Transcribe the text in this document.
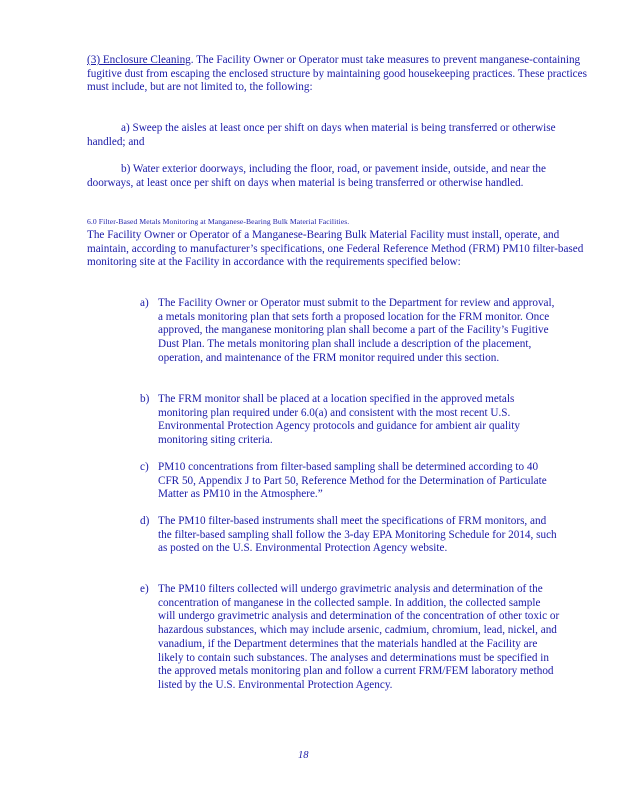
(3) Enclosure Cleaning. The Facility Owner or Operator must take measures to prevent manganese-containing fugitive dust from escaping the enclosed structure by maintaining good housekeeping practices. These practices must include, but are not limited to, the following:

a) Sweep the aisles at least once per shift on days when material is being transferred or otherwise handled; and

b) Water exterior doorways, including the floor, road, or pavement inside, outside, and near the doorways, at least once per shift on days when material is being transferred or otherwise handled.

6.0 Filter-Based Metals Monitoring at Manganese-Bearing Bulk Material Facilities.

The Facility Owner or Operator of a Manganese-Bearing Bulk Material Facility must install, operate, and maintain, according to manufacturer’s specifications, one Federal Reference Method (FRM) PM10 filter-based monitoring site at the Facility in accordance with the requirements specified below:

a) The Facility Owner or Operator must submit to the Department for review and approval, a metals monitoring plan that sets forth a proposed location for the FRM monitor. Once approved, the manganese monitoring plan shall become a part of the Facility’s Fugitive Dust Plan. The metals monitoring plan shall include a description of the placement, operation, and maintenance of the FRM monitor required under this section.
b) The FRM monitor shall be placed at a location specified in the approved metals monitoring plan required under 6.0(a) and consistent with the most recent U.S. Environmental Protection Agency protocols and guidance for ambient air quality monitoring siting criteria.
c) PM10 concentrations from filter-based sampling shall be determined according to 40 CFR 50, Appendix J to Part 50, Reference Method for the Determination of Particulate Matter as PM10 in the Atmosphere.”
d) The PM10 filter-based instruments shall meet the specifications of FRM monitors, and the filter-based sampling shall follow the 3-day EPA Monitoring Schedule for 2014, such as posted on the U.S. Environmental Protection Agency website.
e) The PM10 filters collected will undergo gravimetric analysis and determination of the concentration of manganese in the collected sample. In addition, the collected sample will undergo gravimetric analysis and determination of the concentration of other toxic or hazardous substances, which may include arsenic, cadmium, chromium, lead, nickel, and vanadium, if the Department determines that the materials handled at the Facility are likely to contain such substances. The analyses and determinations must be specified in the approved metals monitoring plan and follow a current FRM/FEM laboratory method listed by the U.S. Environmental Protection Agency.
18
